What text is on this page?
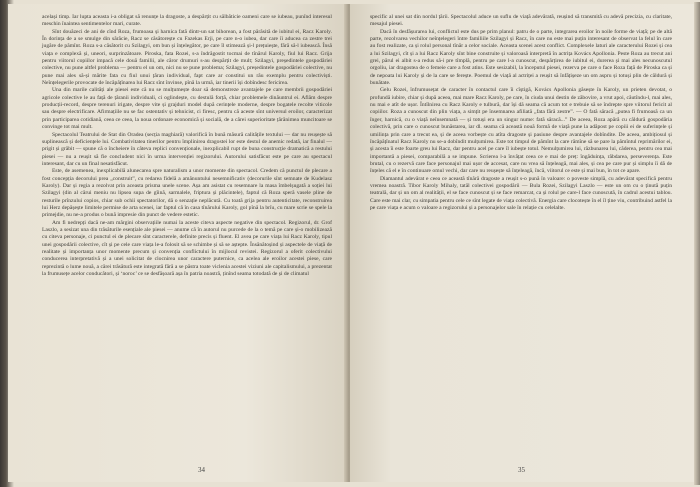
același timp. Iar lupta aceasta i-a obligat să renunțe la dragoste, a despărțit cu sălbăticie oameni care se iubeau, punînd interesul meschin înaintea sentimentelor mari, curate.

Sînt douăzeci de ani de cînd Roza, frumoasa și harnica fată dintr-un sat bihorean, a fost părăsită de iubitul ei, Racz Karoly. În dorința de a se smulge din sărăcie, Racz se căsătorește cu Fazekas Erji, pe care n-o iubea, dar care îi aducea ca zestre trei jugăre de pămînt. Roza s-a căsătorit cu Szilagyi, om bun și înțelegător, pe care îl stimează și-l prețuiește, fără să-l iubească. Însă viața e complexă și, uneori, surprinzătoare. Piroska, fata Rozei, s-a îndrăgostit tocmai de tînărul Karoly, fiul lui Racz. Grija pentru viitorul copiilor impacă cele două familii, ale căror drumuri s-au despărțit de mult; Szilagyi, președintele gospodăriei colective, nu pune altfel problema — pentru el un om, nici nu se pune problema; Szilagyi, președintele gospodăriei colective, nu pune mai ales să-și mărite fata cu fiul unui țăran individual, fapt care ar constitui un rău exemplu pentru colectiviști. Neînțelegerile provocate de încăpățînarea lui Racz sînt învinse, pînă la urmă, iar tinerii își dobîndesc fericirea.

Una din marile calități ale piesei este că nu se mulțumește doar să demonstreze avantajele pe care membrii gospodăriei agricole colective le au față de țăranii individuali, ci oglindește, cu destulă forță, chiar problemele dinăuntrul ei. Aflăm despre producții-record, despre terenuri irigate, despre vite și grajduri model după cerințele moderne, despre bogatele recolte viticole sau despre electrificare. Afirmațiile nu se fac ostentativ și tehnicist, ci firesc, pentru că aceste sînt universul eroilor, caracterizat prin participarea cotidiană, ceea ce ceea, la noua ordonare economică și socială, de a cărei superioritate țărănimea muncitoare se convinge tot mai mult.

Spectacolul Teatrului de Stat din Oradea (secția maghiară) valorifică în bună măsură calitățile textului — dar nu reușește să suplinească și deficiențele lui. Combativitatea tinerilor pentru împlinirea dragostei lor este destul de anemic redată, iar finalul — prigit și grăbit — spune că o încheiere în câteva replici convenționale, inexplicabil rupt de buna construcție dramatică a restului piesei — nu a reușit să fie concludent nici în urma intervenției regizorului. Autorului satisfăcut este pe care au spectacul interesant, dar cu un final nesatisfăcut.

Este, de asemenea, inexplicabilă alunecarea spre naturalism a unor momente din spectacol. Credem că punctul de plecare a fost concepția decorului prea „construit”, cu redarea fidelă a amănuntului nesemnificativ (decorurile sînt semnate de Kudelasz Karoly). Dar și regia a rezolvat prin aceasta prisma unele scene. Așa am asistat cu resemnare la masa îmbelșugată a soției lui Szilagyi (din al cărui meniu nu lipsea supa de gîină, sarmalele, friptura și plăcintele), faptul că Roza speră vasele pline de resturile prînzului copios, chiar sub ochii spectatorilor, dă o senzație neplăcută. Cu toată grija pentru autenticitate, reconstruirea lui Herz depășește limitele permise de arta scenei, iar faptul că în casa tînărului Karoly, gol pînă la brîu, cu mare scrie se spele la primejdie, nu ne-a produs o bună impresie din punct de vedere estetic.

Am fi nedrepți dacă ne-am mărgini observațiile numai la aceste citeva aspecte negative din spectacol. Regizorul, dr. Grof Laszlo, a sesizat una din trăsăturile esențiale ale piesei — anume că în autorul nu purcede de la o temă pe care și-o mobilizează cu citeva personaje, ci punctul ei de plecare sînt caracterele, definite precis și fluent. El avea pe care viața lui Racz Karoly, tipul unei gospodării colective, cît și pe cele care viața le-a folosit să se schimbe și să se aștepte. Însănătoșind și aspectele de viață de realitate și importanța unor momente precum și convenția conflictului în mijlocul revistei. Regizorul a oferit colectivului conducerea interpretativă și a unei solicitat de clocnirea unor caractere puternice, ca acelea ale eroilor acestei piese, care reprezintă o lume nouă, a cărei trăsătură este integrată fără a se păstra toate viclenia acestei viziuni ale capitalismului, a prezentat la frumusețe acelor conducători, și ‘noroc’ ce se desfășoară așa în patria noastră, ținînd seama totodată de și de climatul

34

specific al unei sat din nordul țării. Spectacolul aduce un suflu de viață adevărată, reușind să transmită cu adevă precizia, cu claritate, mesajul piesei.

Dacă în desfășurarea lui, conflictul este dus pe prim planul: patru de o parte, integrarea eroilor în noile forme de viață; pe de altă parte, rezolvarea vechilor neînțelegeri între familiile Szilagyi și Racz, în care nu este mai puțin interesant de observat la felul în care au fost realizate, ca și rolul personal tînăr a celor sociale. Aceasta scenei acest conflict. Complexele laturi ale caracterului Rozei și cea a lui Szilagyi, cît și a lui Racz Karoly sînt bine construite și valoroasă interpretă în actrița Kovács Apollonia. Peste Roza au trecut ani grei, părul ei albit s-a redus să-i pre tîmplă, pentru pe care l-a cunoscut, despărțirea de iubitul ei, durerea și mai ales necunoscutul orgoliu, iar dragostea de o femeie care a fost atins. Este sesizabil, la începutul piesei, rezerva pe care o face Roza față de Piroska ca și de nepoata lui Karoly și de la care se ferește. Poemul de viață al actriței a reușit să înfățișeze un om aspru și totuși plin de căldură și bunătate.

Gelu Rozei, înfrumusețat de caracter în contactul care îi cîștigă, Kovács Apollonia găsește în Karoly, un prieten devotat, o profundă iubire, chiar și după aceea, mai mare Racz Karoly, pe care, în ciuda unui destin de zăbovire, a vrut apoi, căutîndu-l, mai ales, nu mai e atît de ușor. Întîlnirea cu Racz Karoly e tulbură, dar își dă seama că acum tot e trebuie să se îndrepte spre viitorul fericit al copiilor. Roza a cunoscut din plin viața, a simțit pe însemnarea afiliată „fata fără zestre”. — O fată săracă „putea fi frumoasă ca un înger, harnică, cu o viață neînsemnată — și totuși era un singur nume: fată săracă...” De aceea, Roza apără cu căldură gospodăria colectivă, prin care o cunoscut bunăstarea, iar dl. seama că această nouă formă de viață pune la adăpost pe copiii ei de suferințele și umilința prin care a trecut ea, și de aceea vorbește cu atîta dragoste și pasiune despre avantajele dobîndite. De aceea, ambițiosul și încăpățînatul Racz Karoly nu se-a dobîndit mulțumirea. Este tot timpul de pămînt la care rămîne să se pare la pămîntul reprimărilor ei, și acesta îi este foarte greu lui Racz, dar pentru acel pe care îl iubește totul. Nemulțumirea lui, răzbunarea lui, căderea, pentru cea mai importantă a piesei, comparabilă a se impune. Scrierea l-a învățat ceea ce e mai de preț: îngăduința, răbdarea, perseverența. Este brutal, cu o rezervă care face personajul mai ușor de accesat, care nu vrea să înțeleagă, mai ales, și cea pe care pur și simplu îi dă de înțeles că el e în continuare omul vechi, dar care nu reușește să înțeleagă, încă, viitorul ce este și mai bun, în tot ce apare.

Diamantul adevărat e ceea ce această tînără dragoste a reușit s-o pună în valoare: o poveste simplă, cu adevărat specifică pentru vremea noastră. Tibor Karoly Mihaly, tatăl colectivei gospodării — Bula Rozei, Szilagyi Laszlo — este un om cu o ținută puțin teatrală, dar și un om al realității, el se face cunoscut și se face remarcat, ca și rolul pe care-l face cunoscută, în cadrul acestui tablou. Care este mai clar, cu simpatia pentru cele ce sînt legate de viața colectivă. Energia care clocotește în el îl ține viu, contribuind astfel la pe care viața e acum o valoare a regizorului și a personajelor sale în relație cu celelalte.

35
